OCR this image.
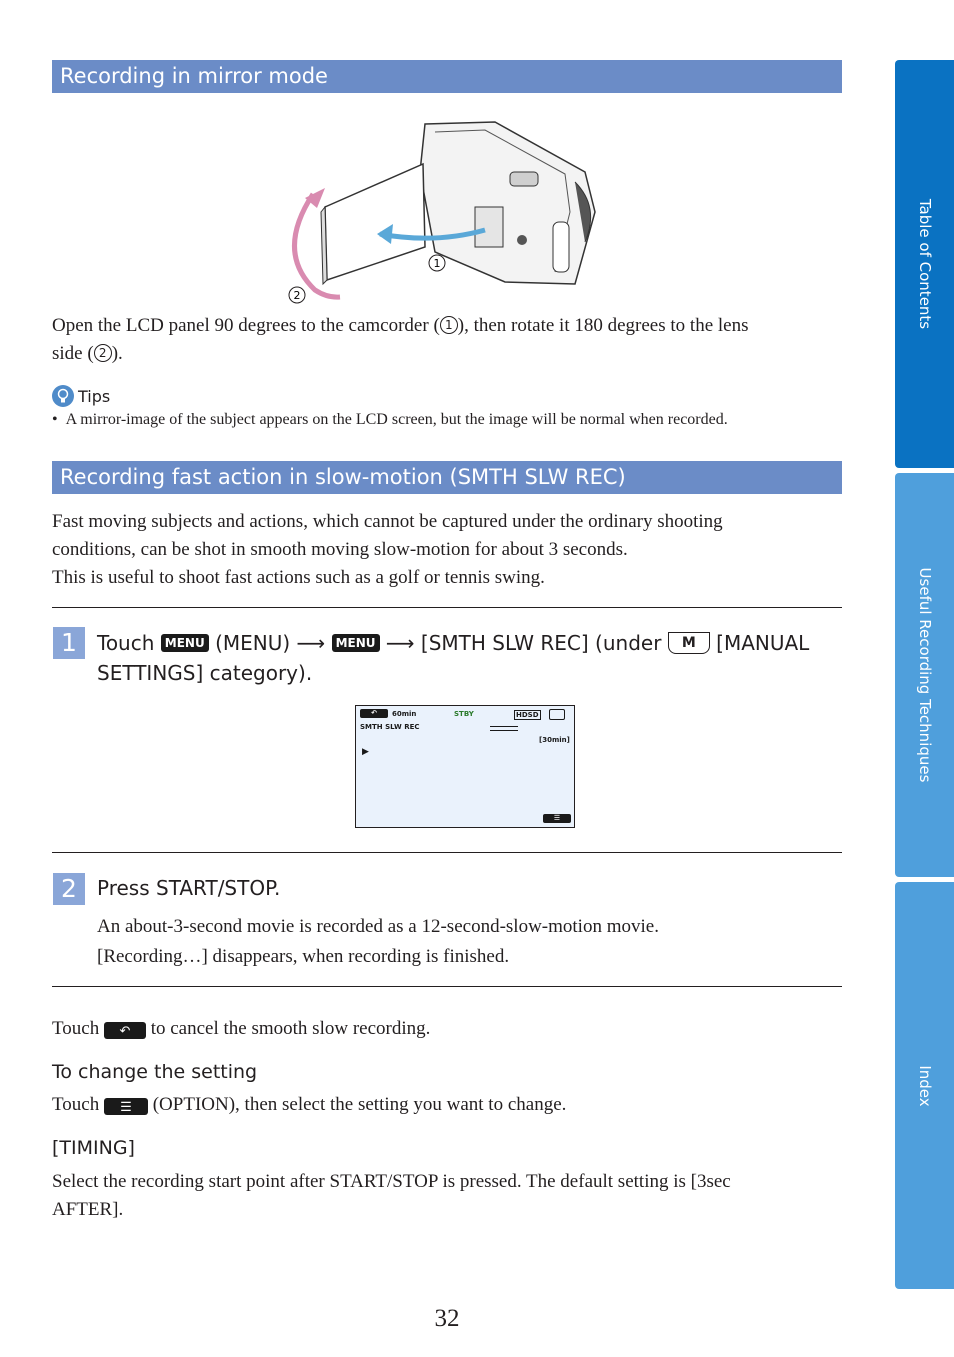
Recording in mirror mode
1
2

Open the LCD panel 90 degrees to the camcorder ( 1 ), then rotate it 180 degrees to the lens
side ( 2 ).

Tips
•  A mirror-image of the subject appears on the LCD screen, but the image will be normal when recorded.
Recording fast action in slow-motion (SMTH SLW REC)

Fast moving subjects and actions, which cannot be captured under the ordinary shooting
conditions, can be shot in smooth moving slow-motion for about 3 seconds.
This is useful to shoot fast actions such as a golf or tennis swing.

1	Touch MENU (MENU) ⟶ MENU ⟶ [SMTH SLW REC] (under M [MANUAL
SETTINGS] category).
↶	60min	STBY	HDSD
SMTH SLW REC
[30min]
▶
☰
2	Press START/STOP.

An about-3-second movie is recorded as a 12-second-slow-motion movie.
[Recording…] disappears, when recording is finished.

Touch ↶ to cancel the smooth slow recording.

To change the setting

Touch ☰ (OPTION), then select the setting you want to change.

[TIMING]

Select the recording start point after START/STOP is pressed. The default setting is [3sec
AFTER].

32
Table of Contents
Useful Recording Techniques
Index
